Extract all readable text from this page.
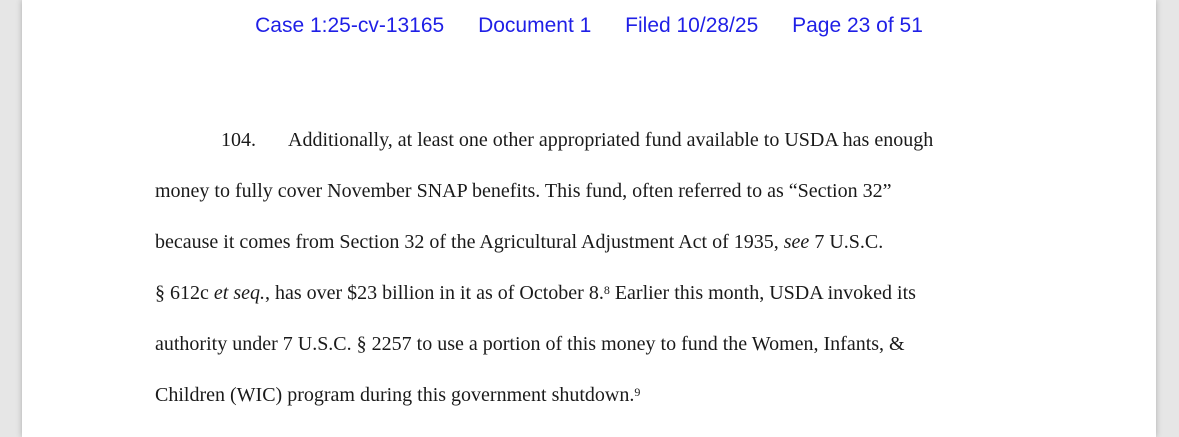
Case 1:25-cv-13165 Document 1 Filed 10/28/25 Page 23 of 51
104. Additionally, at least one other appropriated fund available to USDA has enough
money to fully cover November SNAP benefits. This fund, often referred to as “Section 32”
because it comes from Section 32 of the Agricultural Adjustment Act of 1935, see 7 U.S.C.
§ 612c et seq., has over $23 billion in it as of October 8.$^8$ Earlier this month, USDA invoked its
authority under 7 U.S.C. § 2257 to use a portion of this money to fund the Women, Infants, &
Children (WIC) program during this government shutdown.$^9$
